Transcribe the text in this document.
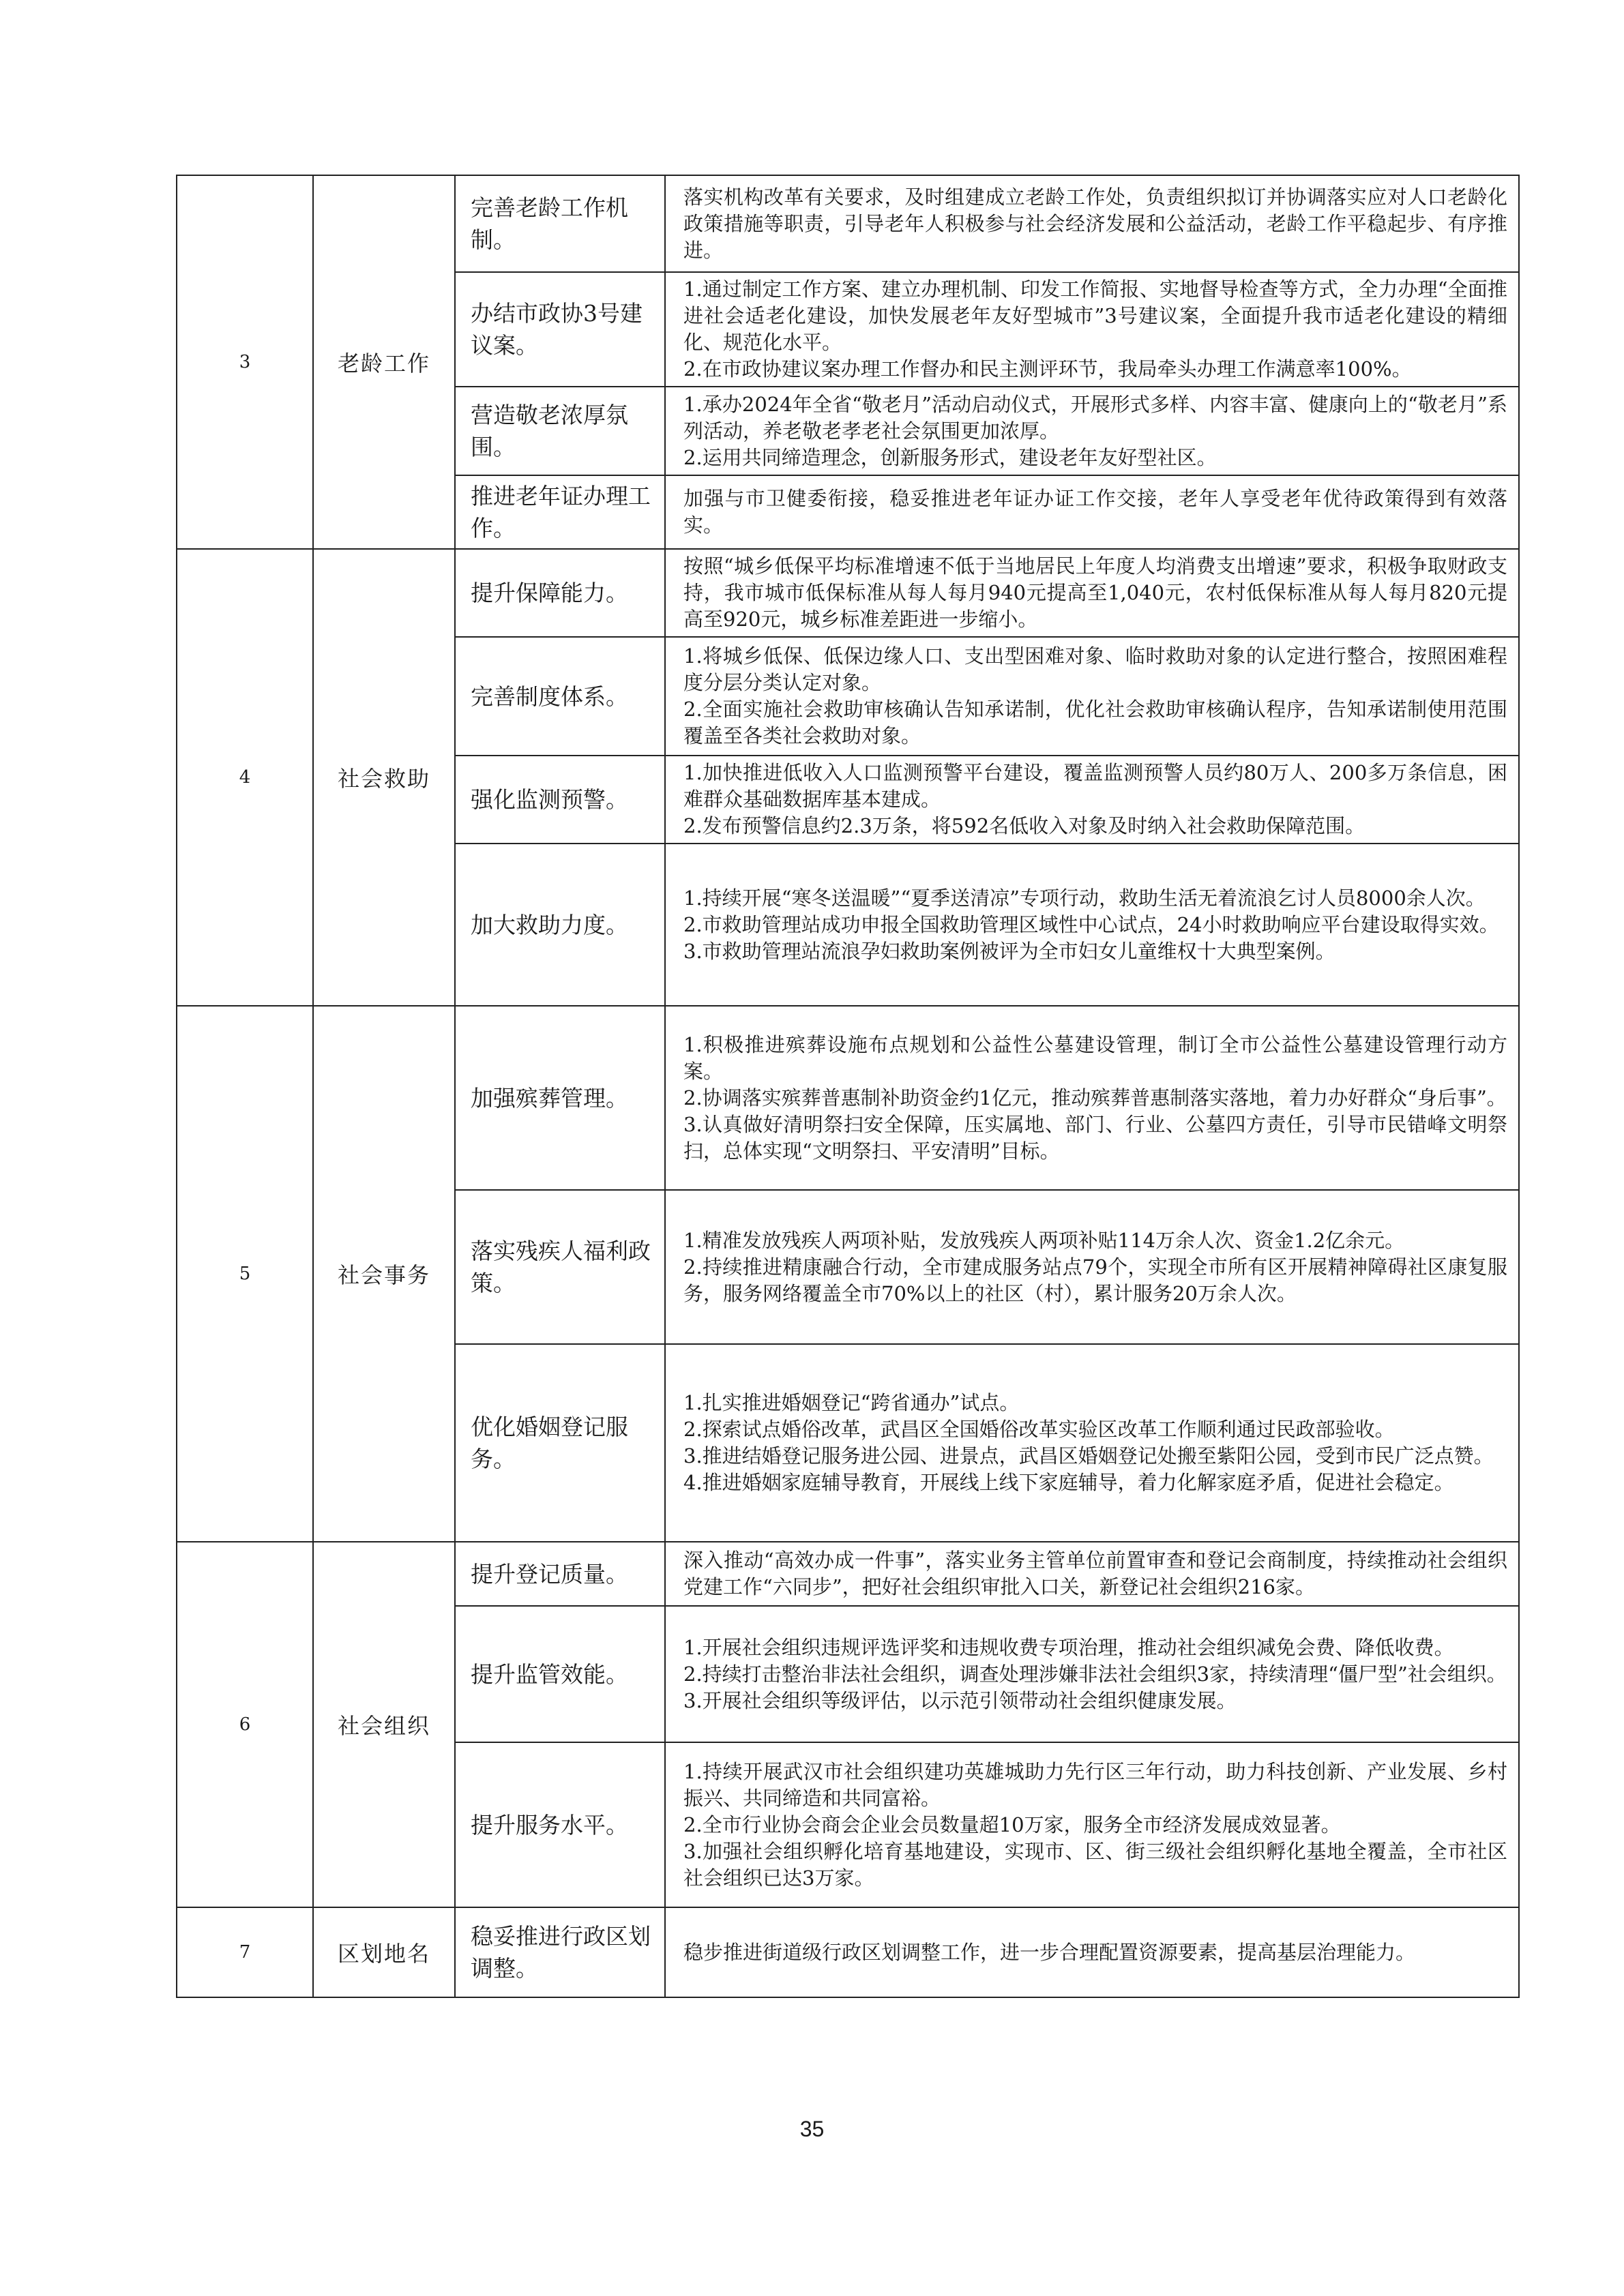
3	老龄工作	完善老龄工作机制。	落实机构改革有关要求，及时组建成立老龄工作处，负责组织拟订并协调落实应对人口老龄化政策措施等职责，引导老年人积极参与社会经济发展和公益活动，老龄工作平稳起步、有序推进。

		办结市政协3号建议案。	1.通过制定工作方案、建立办理机制、印发工作简报、实地督导检查等方式，全力办理“全面推进社会适老化建设，加快发展老年友好型城市”3号建议案，全面提升我市适老化建设的精细化、规范化水平。

2.在市政协建议案办理工作督办和民主测评环节，我局牵头办理工作满意率100%。

		营造敬老浓厚氛围。	1.承办2024年全省“敬老月”活动启动仪式，开展形式多样、内容丰富、健康向上的“敬老月”系列活动，养老敬老孝老社会氛围更加浓厚。

2.运用共同缔造理念，创新服务形式，建设老年友好型社区。

		推进老年证办理工作。	加强与市卫健委衔接，稳妥推进老年证办证工作交接，老年人享受老年优待政策得到有效落实。

4	社会救助	提升保障能力。	按照“城乡低保平均标准增速不低于当地居民上年度人均消费支出增速”要求，积极争取财政支持，我市城市低保标准从每人每月940元提高至1,040元，农村低保标准从每人每月820元提高至920元，城乡标准差距进一步缩小。

		完善制度体系。	1.将城乡低保、低保边缘人口、支出型困难对象、临时救助对象的认定进行整合，按照困难程度分层分类认定对象。

2.全面实施社会救助审核确认告知承诺制，优化社会救助审核确认程序，告知承诺制使用范围覆盖至各类社会救助对象。

		强化监测预警。	1.加快推进低收入人口监测预警平台建设，覆盖监测预警人员约80万人、200多万条信息，困难群众基础数据库基本建成。

2.发布预警信息约2.3万条，将592名低收入对象及时纳入社会救助保障范围。

		加大救助力度。	1.持续开展“寒冬送温暖”“夏季送清凉”专项行动，救助生活无着流浪乞讨人员8000余人次。

2.市救助管理站成功申报全国救助管理区域性中心试点，24小时救助响应平台建设取得实效。

3.市救助管理站流浪孕妇救助案例被评为全市妇女儿童维权十大典型案例。

5	社会事务	加强殡葬管理。	1.积极推进殡葬设施布点规划和公益性公墓建设管理，制订全市公益性公墓建设管理行动方案。

2.协调落实殡葬普惠制补助资金约1亿元，推动殡葬普惠制落实落地，着力办好群众“身后事”。

3.认真做好清明祭扫安全保障，压实属地、部门、行业、公墓四方责任，引导市民错峰文明祭扫，总体实现“文明祭扫、平安清明”目标。

		落实残疾人福利政策。	1.精准发放残疾人两项补贴，发放残疾人两项补贴114万余人次、资金1.2亿余元。

2.持续推进精康融合行动，全市建成服务站点79个，实现全市所有区开展精神障碍社区康复服务，服务网络覆盖全市70%以上的社区（村），累计服务20万余人次。

		优化婚姻登记服务。	1.扎实推进婚姻登记“跨省通办”试点。

2.探索试点婚俗改革，武昌区全国婚俗改革实验区改革工作顺利通过民政部验收。

3.推进结婚登记服务进公园、进景点，武昌区婚姻登记处搬至紫阳公园，受到市民广泛点赞。

4.推进婚姻家庭辅导教育，开展线上线下家庭辅导，着力化解家庭矛盾，促进社会稳定。

6	社会组织	提升登记质量。	深入推动“高效办成一件事”，落实业务主管单位前置审查和登记会商制度，持续推动社会组织党建工作“六同步”，把好社会组织审批入口关，新登记社会组织216家。

		提升监管效能。	1.开展社会组织违规评选评奖和违规收费专项治理，推动社会组织减免会费、降低收费。

2.持续打击整治非法社会组织，调查处理涉嫌非法社会组织3家，持续清理“僵尸型”社会组织。

3.开展社会组织等级评估，以示范引领带动社会组织健康发展。

		提升服务水平。	1.持续开展武汉市社会组织建功英雄城助力先行区三年行动，助力科技创新、产业发展、乡村振兴、共同缔造和共同富裕。

2.全市行业协会商会企业会员数量超10万家，服务全市经济发展成效显著。

3.加强社会组织孵化培育基地建设，实现市、区、街三级社会组织孵化基地全覆盖，全市社区社会组织已达3万家。

7	区划地名	稳妥推进行政区划调整。	稳步推进街道级行政区划调整工作，进一步合理配置资源要素，提高基层治理能力。

35
